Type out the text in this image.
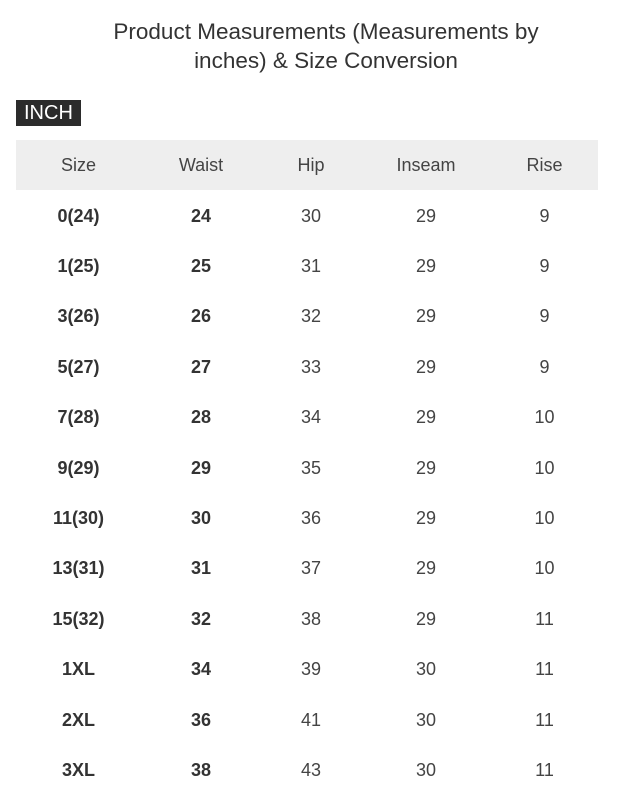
Product Measurements (Measurements by
inches) & Size Conversion
INCH
Size	Waist	Hip	Inseam	Rise
0(24)	24	30	29	9
1(25)	25	31	29	9
3(26)	26	32	29	9
5(27)	27	33	29	9
7(28)	28	34	29	10
9(29)	29	35	29	10
11(30)	30	36	29	10
13(31)	31	37	29	10
15(32)	32	38	29	11
1XL	34	39	30	11
2XL	36	41	30	11
3XL	38	43	30	11
